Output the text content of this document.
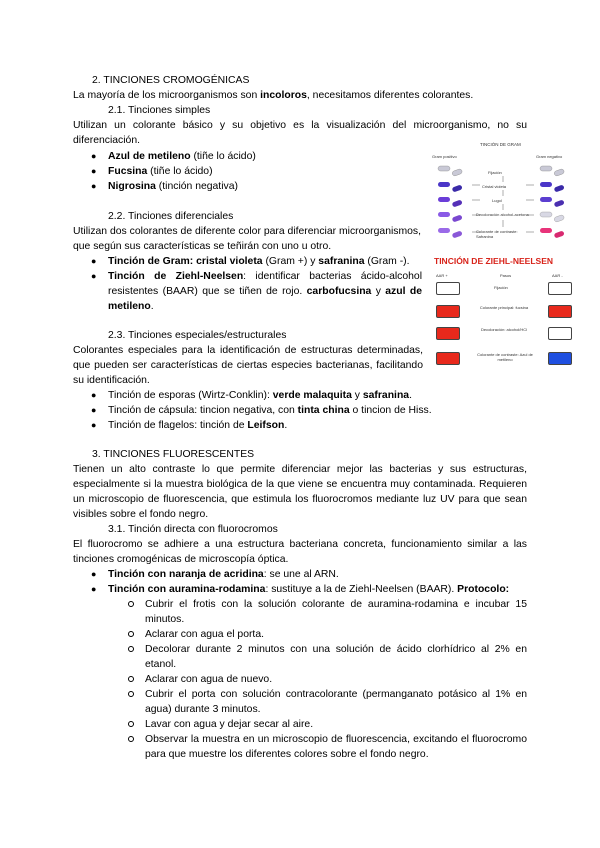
2. TINCIONES CROMOGÉNICAS
La mayoría de los microorganismos son incoloros, necesitamos diferentes colorantes.
2.1. Tinciones simples
Utilizan un colorante básico y su objetivo es la visualización del microorganismo, no su diferenciación.
● Azul de metileno (tiñe lo ácido)
● Fucsina (tiñe lo ácido)
● Nigrosina (tinción negativa)
2.2. Tinciones diferenciales
Utilizan dos colorantes de diferente color para diferenciar microorganismos, que según sus características se teñirán con uno u otro.
● Tinción de Gram: cristal violeta (Gram +) y safranina (Gram -).
● Tinción de Ziehl-Neelsen: identificar bacterias ácido-alcohol resistentes (BAAR) que se tiñen de rojo. carbofucsina y azul de metileno.
2.3. Tinciones especiales/estructurales
Colorantes especiales para la identificación de estructuras determinadas, que pueden ser características de ciertas especies bacterianas, facilitando su identificación.
● Tinción de esporas (Wirtz-Conklin): verde malaquita y safranina.
● Tinción de cápsula: tincion negativa, con tinta china o tincion de Hiss.
● Tinción de flagelos: tinción de Leifson.
3. TINCIONES FLUORESCENTES
Tienen un alto contraste lo que permite diferenciar mejor las bacterias y sus estructuras, especialmente si la muestra biológica de la que viene se encuentra muy contaminada. Requieren un microscopio de fluorescencia, que estimula los fluorocromos mediante luz UV para que sean visibles sobre el fondo negro.
3.1. Tinción directa con fluorocromos
El fluorocromo se adhiere a una estructura bacteriana concreta, funcionamiento similar a las tinciones cromogénicas de microscopía óptica.
● Tinción con naranja de acridina: se une al ARN.
● Tinción con auramina-rodamina: sustituye a la de Ziehl-Neelsen (BAAR). Protocolo:
Cubrir el frotis con la solución colorante de auramina-rodamina e incubar 15 minutos.
Aclarar con agua el porta.
Decolorar durante 2 minutos con una solución de ácido clorhídrico al 2% en etanol.
Aclarar con agua de nuevo.
Cubrir el porta con solución contracolorante (permanganato potásico al 1% en agua) durante 3 minutos.
Lavar con agua y dejar secar al aire.
Observar la muestra en un microscopio de fluorescencia, excitando el fluorocromo para que muestre los diferentes colores sobre el fondo negro.
TINCIÓN DE GRAM
Gram positivo	Gram negativo
Fijación
Cristal violeta
Lugol
Decoloración alcohol-acetona
Colorante de contraste: Safranina
TINCIÓN DE ZIEHL-NEELSEN
AAR +	Pasos	AAR -
Fijación
Colorante principal: fucsina
Decoloración: alcohol/HCl
Colorante de contraste: Azul de metileno
